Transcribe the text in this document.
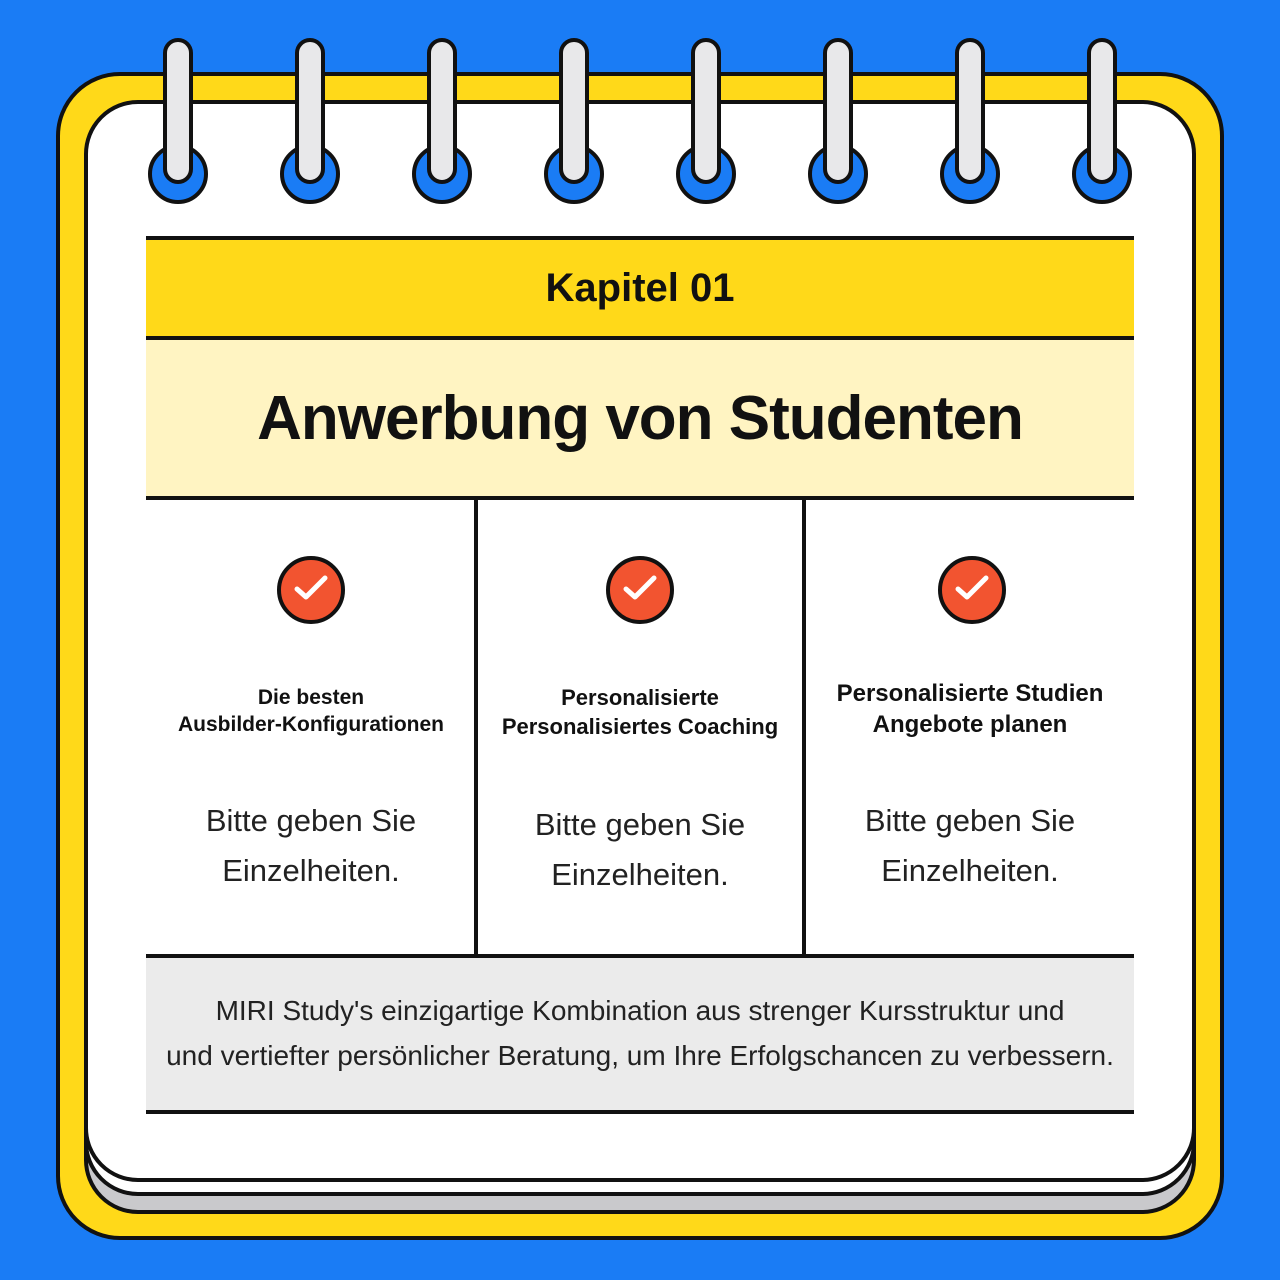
Kapitel 01
Anwerbung von Studenten
Die besten
Ausbilder-Konfigurationen
Bitte geben Sie
Einzelheiten.
Personalisierte
Personalisiertes Coaching
Bitte geben Sie
Einzelheiten.
Personalisierte Studien
Angebote planen
Bitte geben Sie
Einzelheiten.
MIRI Study's einzigartige Kombination aus strenger Kursstruktur und
und vertiefter persönlicher Beratung, um Ihre Erfolgschancen zu verbessern.
